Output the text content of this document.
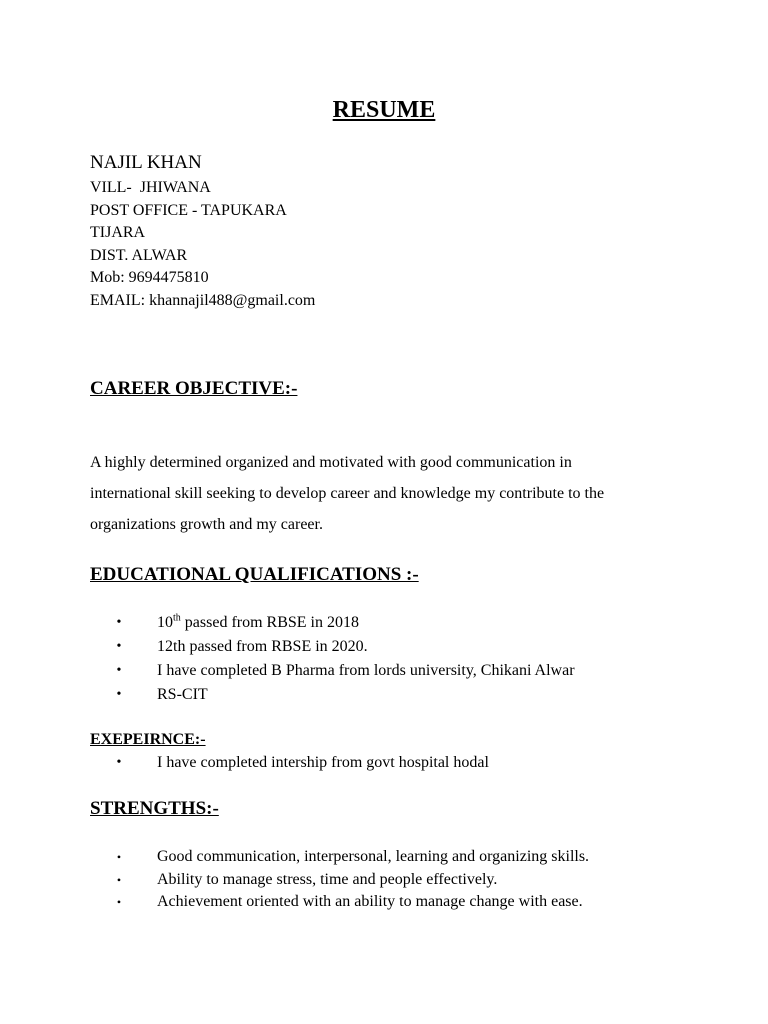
RESUME
NAJIL KHAN
VILL-  JHIWANA
POST OFFICE - TAPUKARA
TIJARA
DIST. ALWAR
Mob: 9694475810
EMAIL: khannajil488@gmail.com
CAREER OBJECTIVE:-
A highly determined organized and motivated with good communication in
international skill seeking to develop career and knowledge my contribute to the
organizations growth and my career.
EDUCATIONAL QUALIFICATIONS :-
•	10th passed from RBSE in 2018
•	12th passed from RBSE in 2020.
•	I have completed B Pharma from lords university, Chikani Alwar
•	RS-CIT
EXEPEIRNCE:-
•	I have completed intership from govt hospital hodal
STRENGTHS:-
•	Good communication, interpersonal, learning and organizing skills.
•	Ability to manage stress, time and people effectively.
•	Achievement oriented with an ability to manage change with ease.
